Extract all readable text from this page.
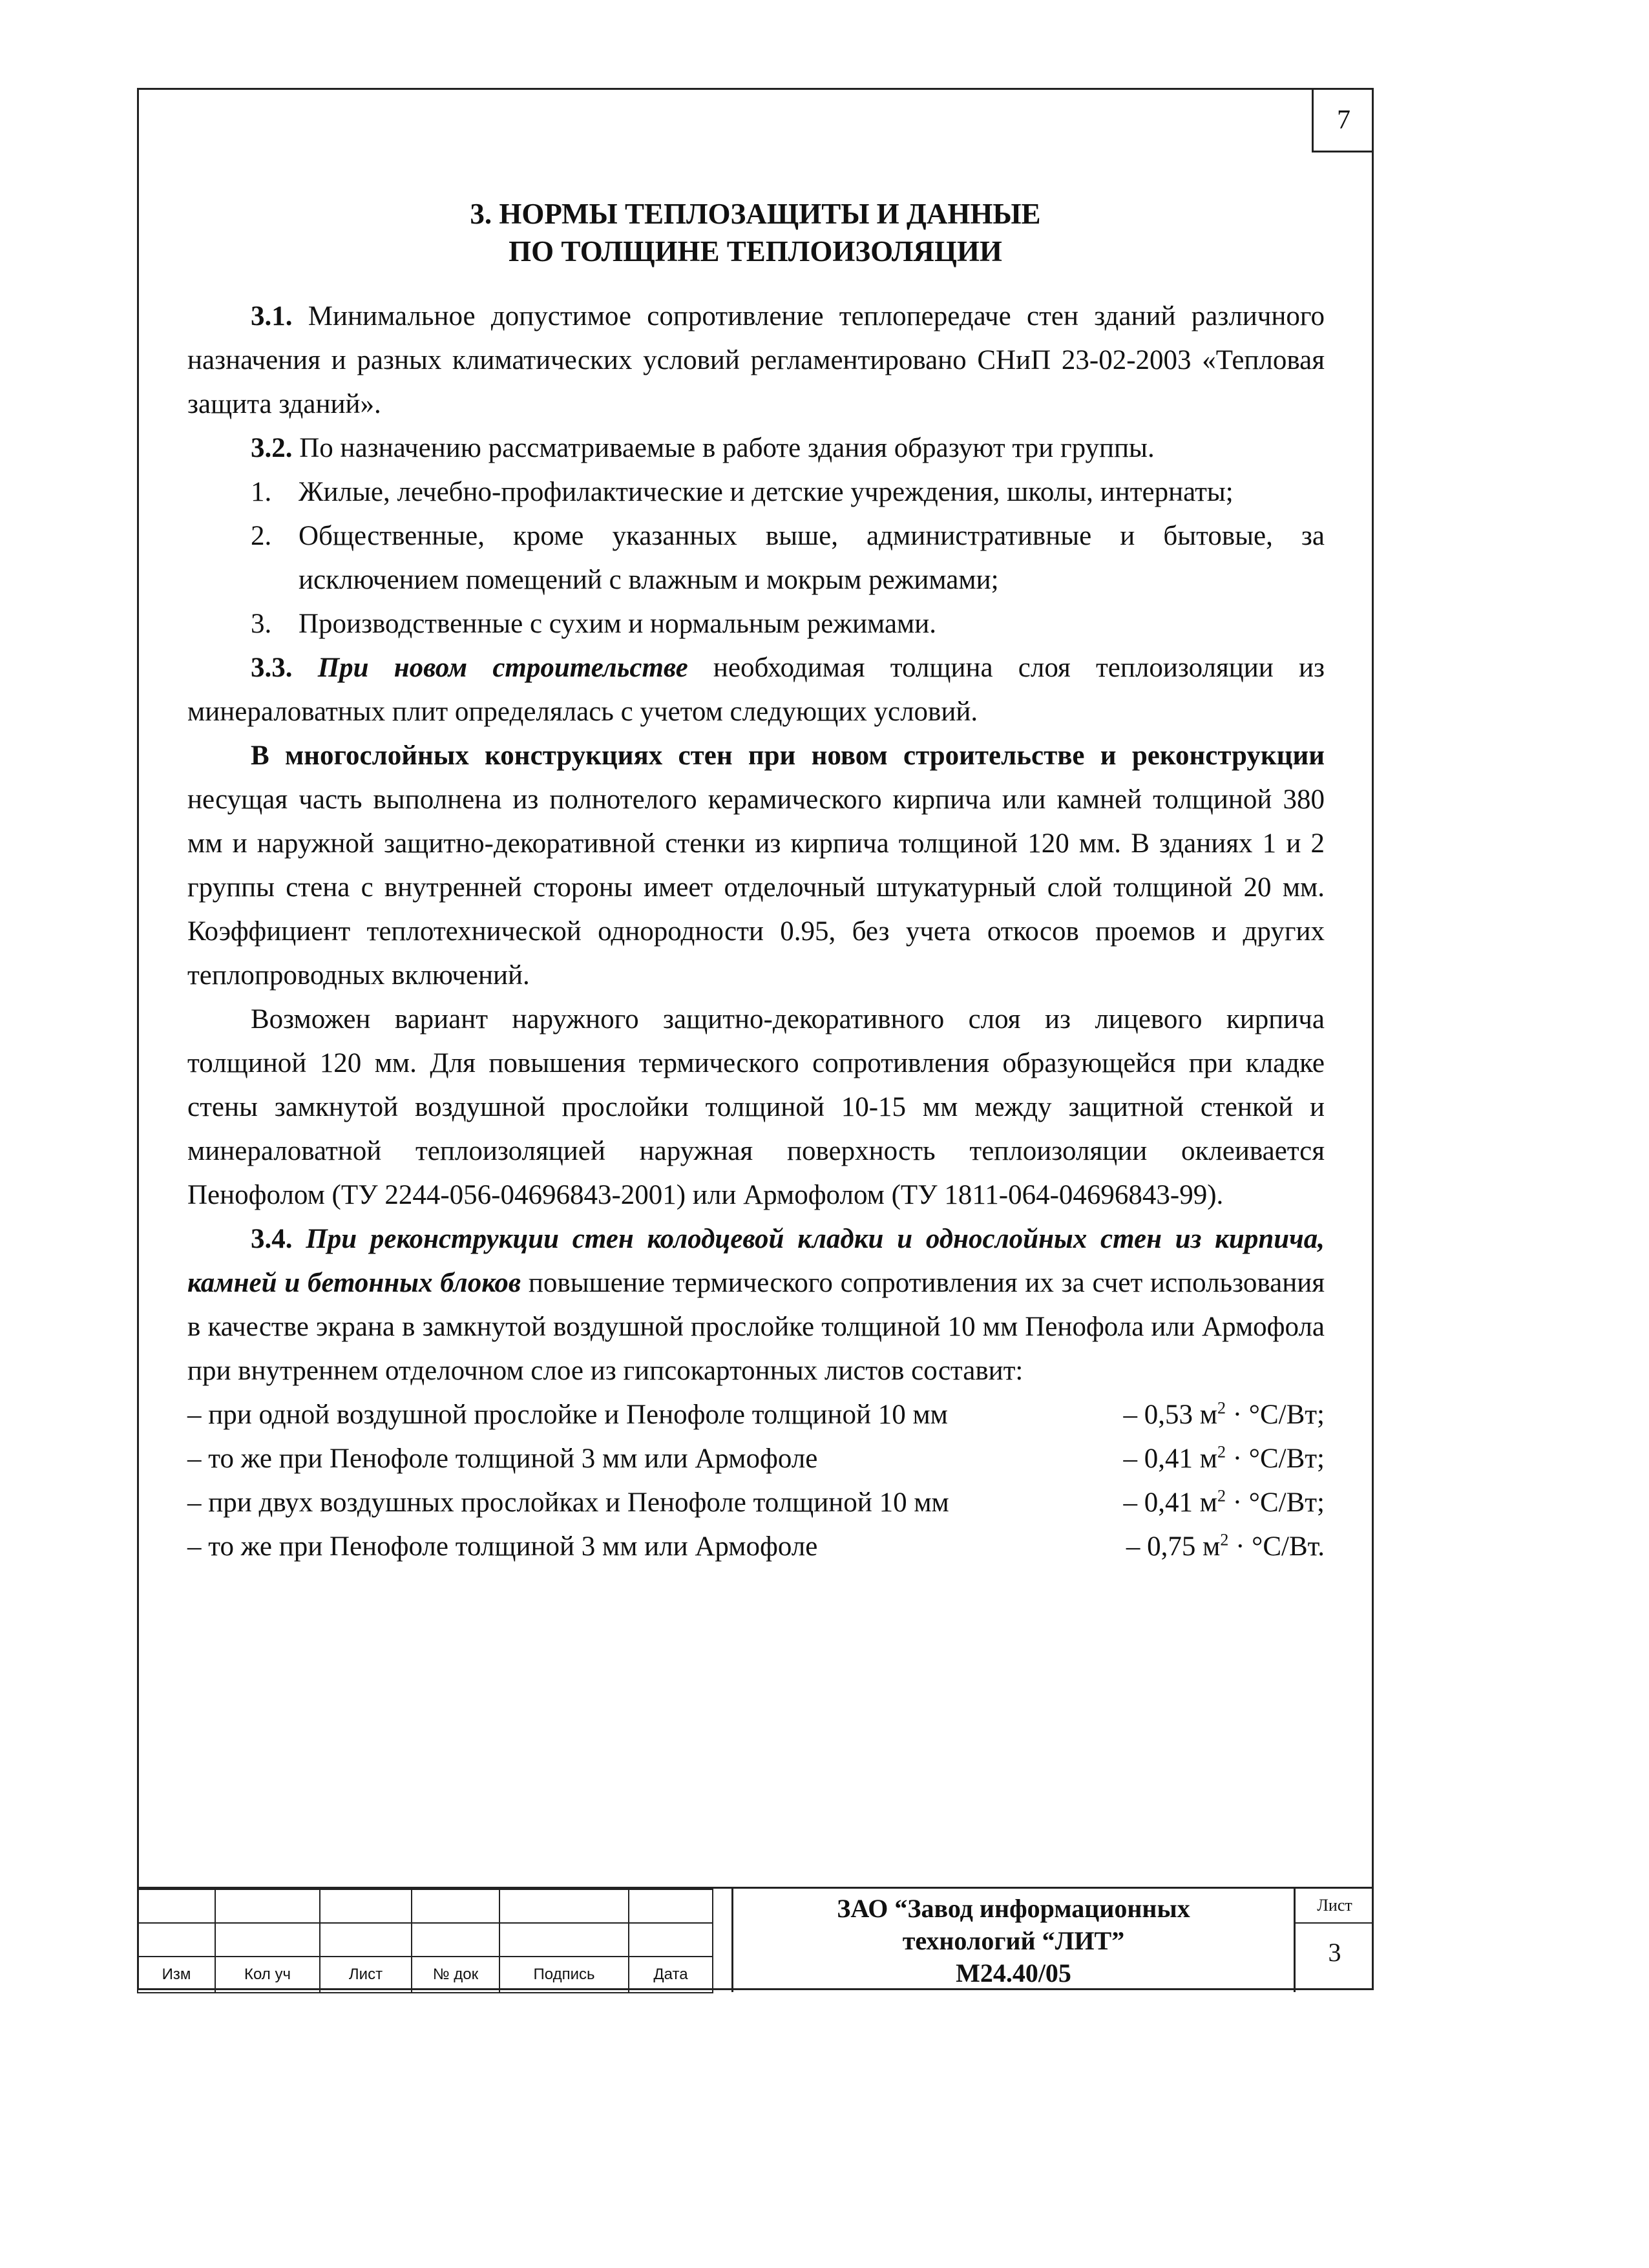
7
3. НОРМЫ ТЕПЛОЗАЩИТЫ И ДАННЫЕ
ПО ТОЛЩИНЕ ТЕПЛОИЗОЛЯЦИИ

3.1. Минимальное допустимое сопротивление теплопередаче стен зданий различного назначения и разных климатических условий регламентировано СНиП 23-02-2003 «Тепловая защита зданий».

3.2. По назначению рассматриваемые в работе здания образуют три группы.

1. Жилые, лечебно-профилактические и детские учреждения, школы, интернаты;
2. Общественные, кроме указанных выше, административные и бытовые, за исключением помещений с влажным и мокрым режимами;
3. Производственные с сухим и нормальным режимами.

3.3. При новом строительстве необходимая толщина слоя теплоизоляции из минераловатных плит определялась с учетом следующих условий.

В многослойных конструкциях стен при новом строительстве и реконструкции несущая часть выполнена из полнотелого керамического кирпича или камней толщиной 380 мм и наружной защитно-декоративной стенки из кирпича толщиной 120 мм. В зданиях 1 и 2 группы стена с внутренней стороны имеет отделочный штукатурный слой толщиной 20 мм. Коэффициент теплотехнической однородности 0.95, без учета откосов проемов и других теплопроводных включений.

Возможен вариант наружного защитно-декоративного слоя из лицевого кирпича толщиной 120 мм. Для повышения термического сопротивления образующейся при кладке стены замкнутой воздушной прослойки толщиной 10-15 мм между защитной стенкой и минераловатной теплоизоляцией наружная поверхность теплоизоляции оклеивается Пенофолом (ТУ 2244-056-04696843-2001) или Армофолом (ТУ 1811-064-04696843-99).

3.4. При реконструкции стен колодцевой кладки и однослойных стен из кирпича, камней и бетонных блоков повышение термического сопротивления их за счет использования в качестве экрана в замкнутой воздушной прослойке толщиной 10 мм Пенофола или Армофола при внутреннем отделочном слое из гипсокартонных листов составит:

– при одной воздушной прослойке и Пенофоле толщиной 10 мм	– 0,53 $м^2 \cdot ^\circ С/Вт$;
– то же при Пенофоле толщиной 3 мм или Армофоле	– 0,41 $м^2 \cdot ^\circ С/Вт$;
– при двух воздушных прослойках и Пенофоле толщиной 10 мм	– 0,41 $м^2 \cdot ^\circ С/Вт$;
– то же при Пенофоле толщиной 3 мм или Армофоле	– 0,75 $м^2 \cdot ^\circ С/Вт$.

Изм	Кол уч	Лист	№ док	Подпись	Дата
ЗАО “Завод информационных
технологий “ЛИТ”
М24.40/05
Лист
3
